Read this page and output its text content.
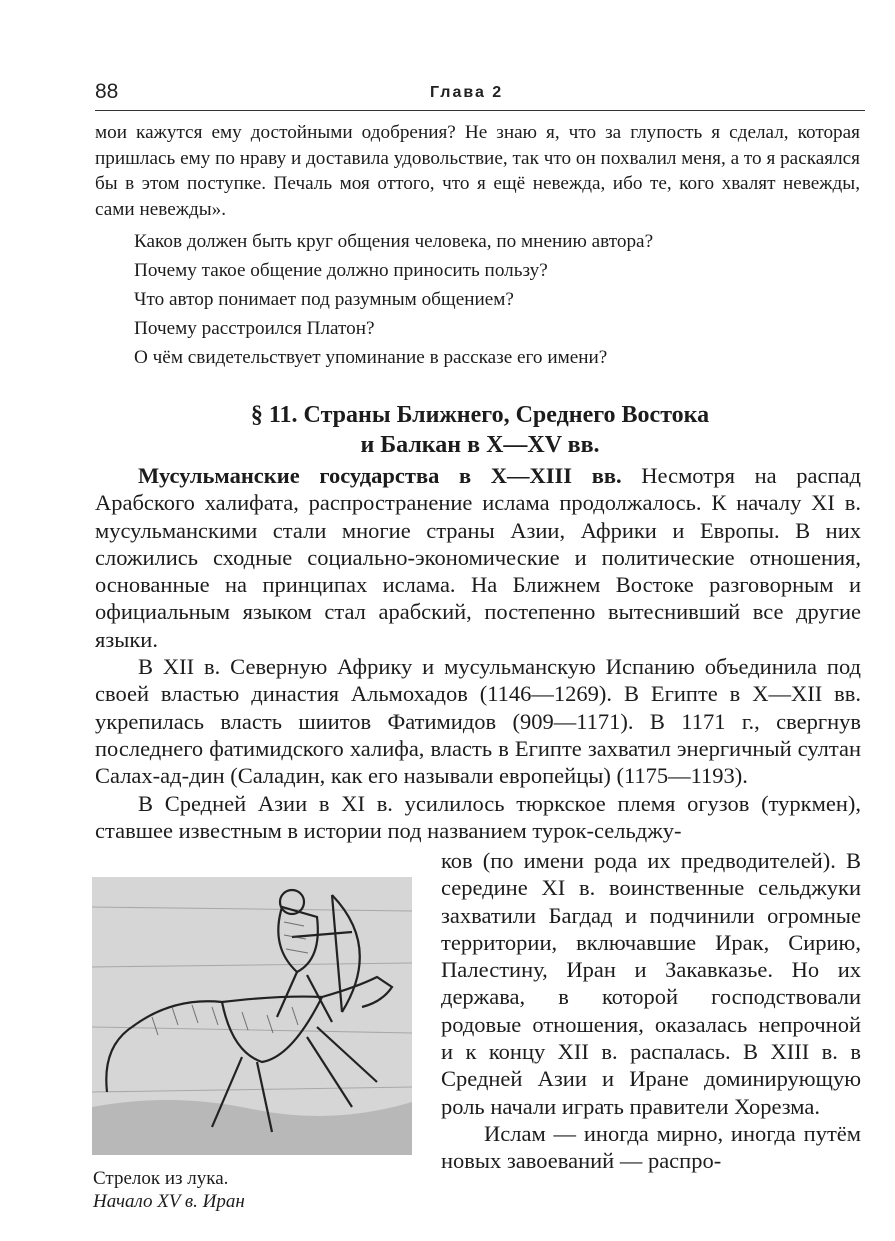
88	Глава 2

мои кажутся ему достойными одобрения? Не знаю я, что за глупость я сделал, которая пришлась ему по нраву и доставила удовольствие, так что он похвалил меня, а то я раскаялся бы в этом поступке. Печаль моя оттого, что я ещё невежда, ибо те, кого хвалят невежды, сами невежды».

Каков должен быть круг общения человека, по мнению автора?

Почему такое общение должно приносить пользу?

Что автор понимает под разумным общением?

Почему расстроился Платон?

О чём свидетельствует упоминание в рассказе его имени?

§ 11. Страны Ближнего, Среднего Востока
и Балкан в X—XV вв.

Мусульманские государства в X—XIII вв. Несмотря на распад Арабского халифата, распространение ислама продолжалось. К началу XI в. мусульманскими стали многие страны Азии, Африки и Европы. В них сложились сходные социально-экономические и политические отношения, основанные на принципах ислама. На Ближнем Востоке разговорным и официальным языком стал арабский, постепенно вытеснивший все другие языки.

В XII в. Северную Африку и мусульманскую Испанию объединила под своей властью династия Альмохадов (1146—1269). В Египте в X—XII вв. укрепилась власть шиитов Фатимидов (909—1171). В 1171 г., свергнув последнего фатимидского халифа, власть в Египте захватил энергичный султан Салах-ад-дин (Саладин, как его называли европейцы) (1175—1193).

В Средней Азии в XI в. усилилось тюркское племя огузов (туркмен), ставшее известным в истории под названием турок-сельджу-

Стрелок из лука.
Начало XV в. Иран

ков (по имени рода их предводителей). В середине XI в. воинственные сельджуки захватили Багдад и подчинили огромные территории, включавшие Ирак, Сирию, Палестину, Иран и Закавказье. Но их держава, в которой господствовали родовые отношения, оказалась непрочной и к концу XII в. распалась. В XIII в. в Средней Азии и Иране доминирующую роль начали играть правители Хорезма.

Ислам — иногда мирно, иногда путём новых завоеваний — распро-
